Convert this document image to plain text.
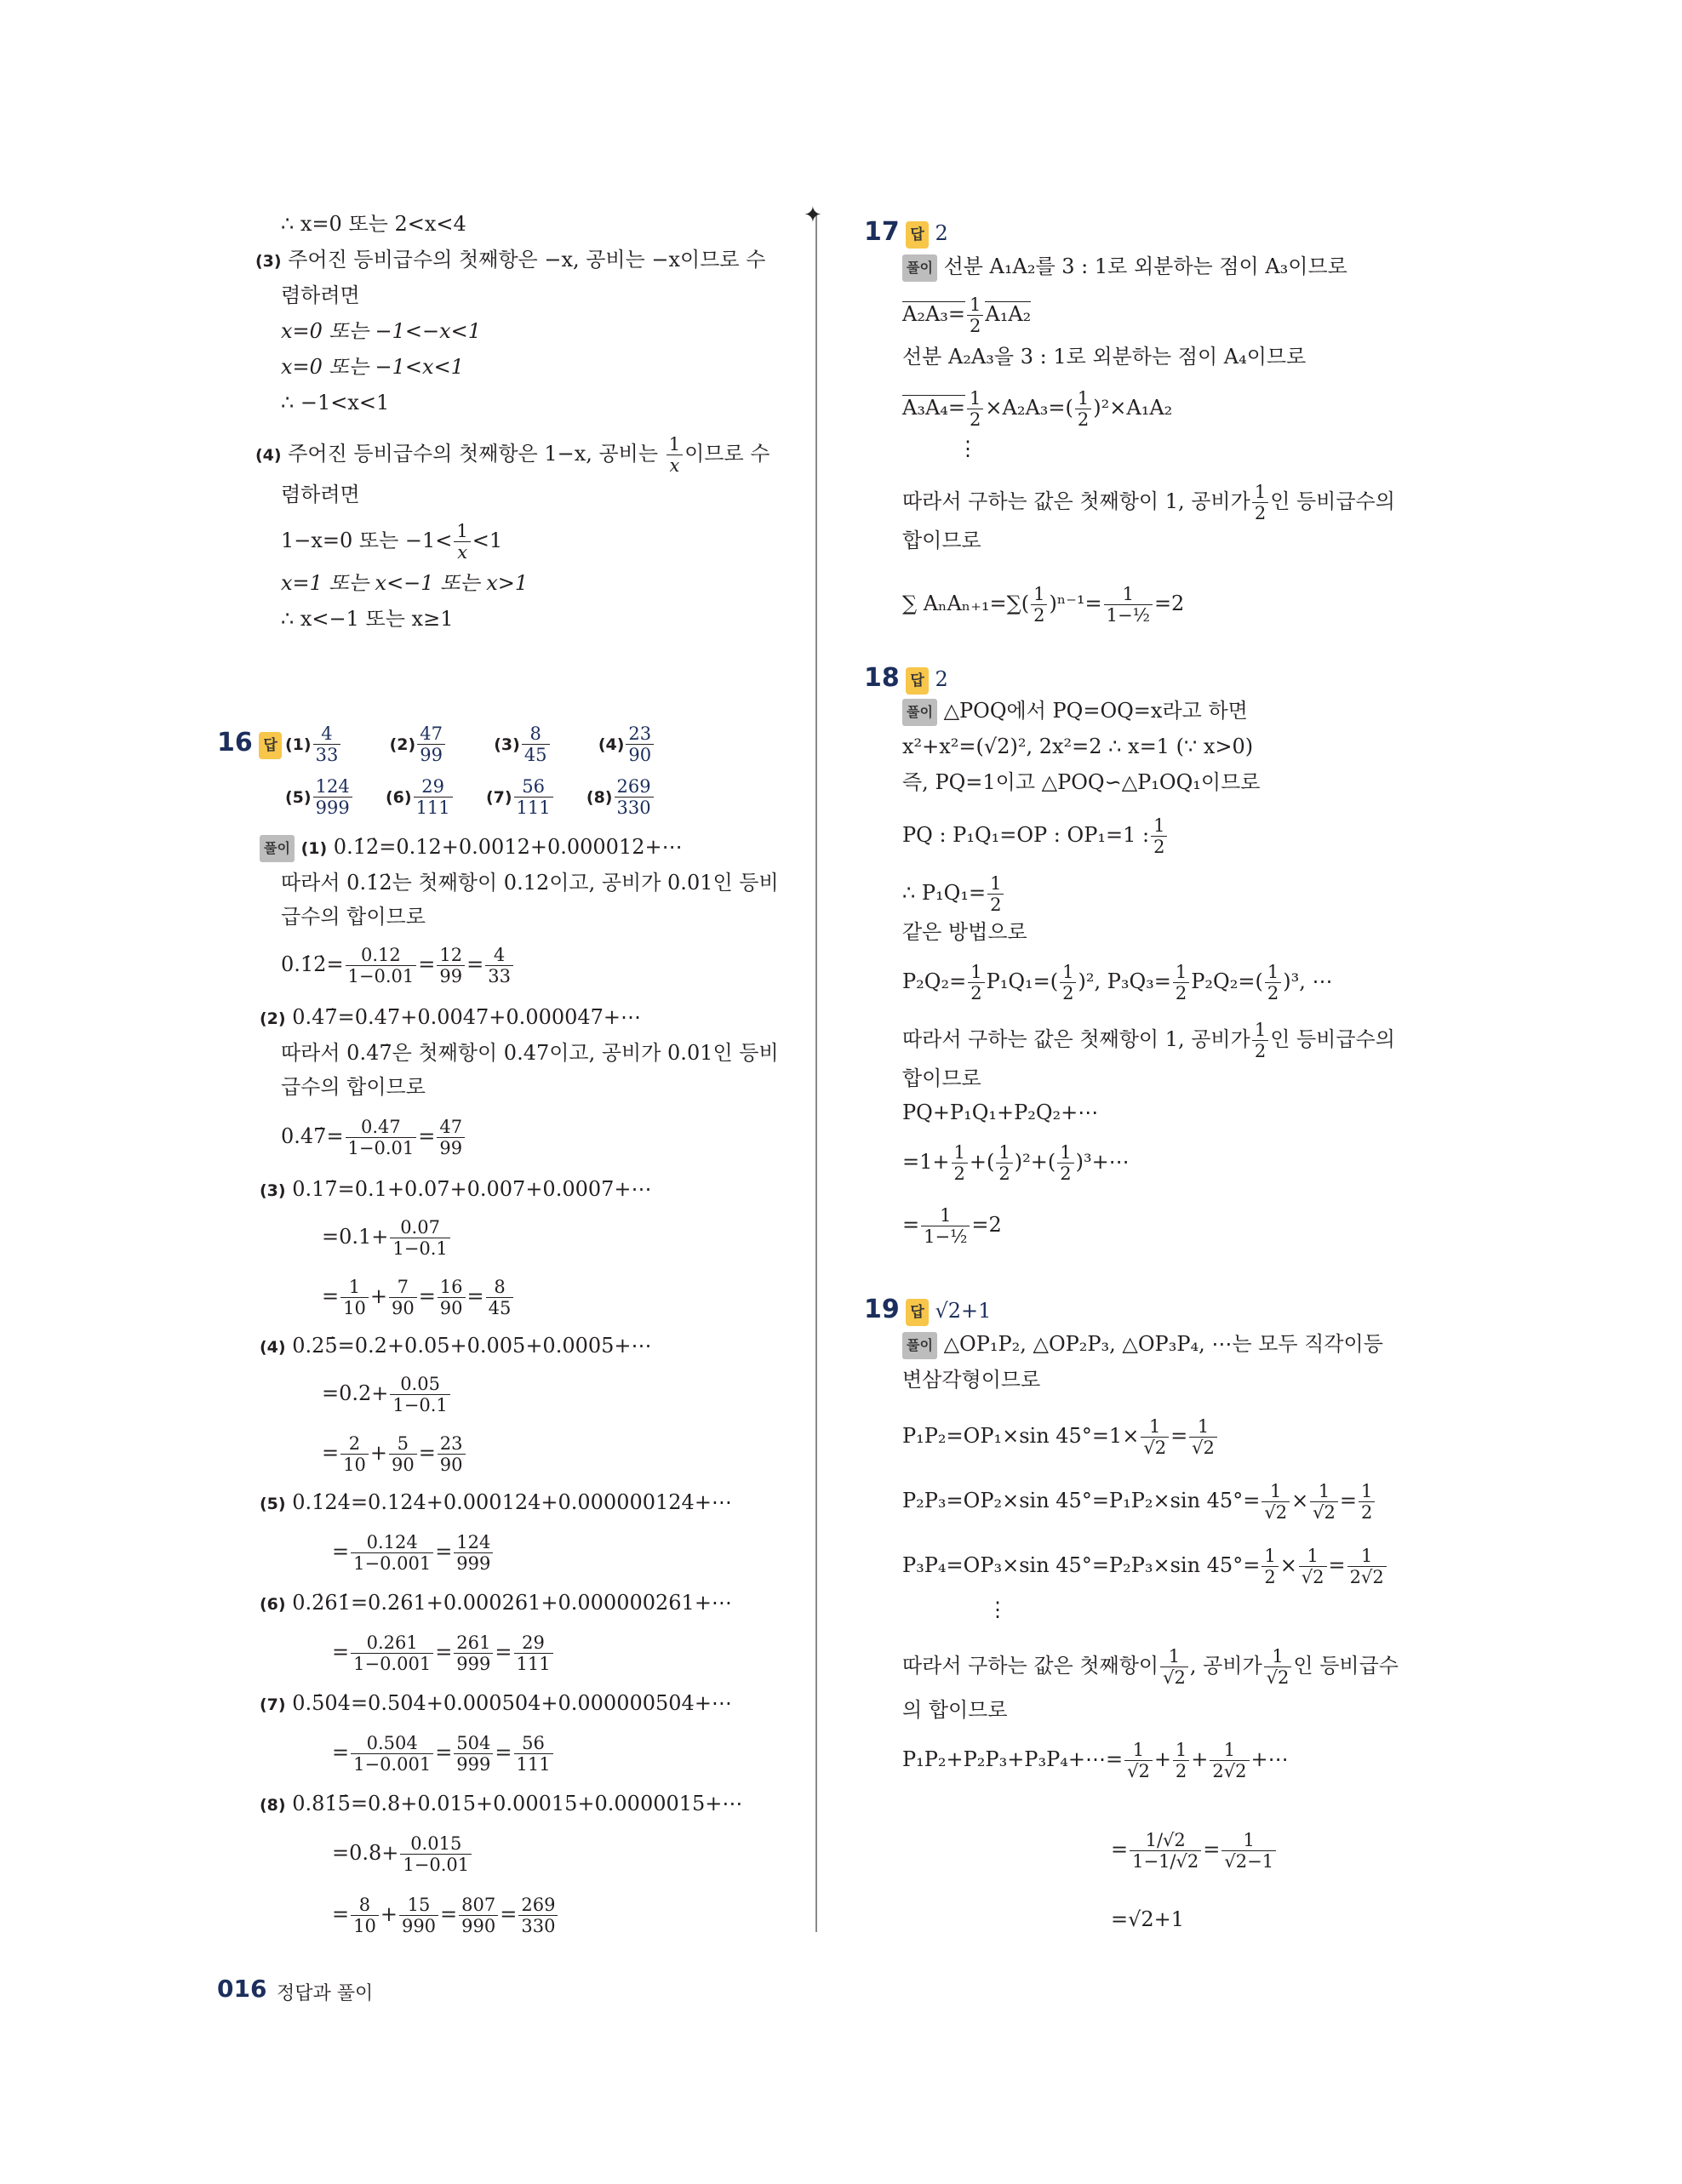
✦
∴ x=0 또는 2<x<4
(3) 주어진 등비급수의 첫째항은 −x, 공비는 −x이므로 수
렴하려면
x=0 또는 −1<−x<1
x=0 또는 −1<x<1
∴ −1<x<1
(4) 주어진 등비급수의 첫째항은 1−x, 공비는 $\frac{1}{x}$ 이므로 수
렴하려면
1−x=0 또는 $-1< \frac{1}{x} <1$
x=1 또는 x<−1 또는 x>1
∴ x<−1 또는 x≥1
16 답 $(1) \frac{4}{33}$	$(2) \frac{47}{99}$	$(3) \frac{8}{45}$	$(4) \frac{23}{90}$
$(5) \frac{124}{999} (6) \frac{29}{111} (7) \frac{56}{111} (8) \frac{269}{330}$
풀이 (1) 0.1̇2̇=0.12+0.0012+0.000012+⋯
따라서 0.1̇2̇는 첫째항이 0.12이고, 공비가 0.01인 등비
급수의 합이므로
0.1̇2̇= $\frac{0.12}{1-0.01} = \frac{12}{99} = \frac{4}{33}$
(2) 0.4̇7̇=0.47+0.0047+0.000047+⋯
따라서 0.4̇7̇은 첫째항이 0.47이고, 공비가 0.01인 등비
급수의 합이므로
0.4̇7̇= $\frac{0.47}{1-0.01} = \frac{47}{99}$
(3) 0.17̇=0.1+0.07+0.007+0.0007+⋯
$=0.1+ \frac{0.07}{1-0.1}$
= $\frac{1}{10} + \frac{7}{90} = \frac{16}{90} = \frac{8}{45}$
(4) 0.25̇=0.2+0.05+0.005+0.0005+⋯
$=0.2+ \frac{0.05}{1-0.1}$
= $\frac{2}{10} + \frac{5}{90} = \frac{23}{90}$
(5) 0.1̇24̇=0.124+0.000124+0.000000124+⋯
= $\frac{0.124}{1-0.001} = \frac{124}{999}$
(6) 0.2̇61̇=0.261+0.000261+0.000000261+⋯
= $\frac{0.261}{1-0.001} = \frac{261}{999} = \frac{29}{111}$
(7) 0.5̇04̇=0.504+0.000504+0.000000504+⋯
= $\frac{0.504}{1-0.001} = \frac{504}{999} = \frac{56}{111}$
(8) 0.81̇5̇=0.8+0.015+0.00015+0.0000015+⋯
$=0.8+ \frac{0.015}{1-0.01}$
= $\frac{8}{10} + \frac{15}{990} = \frac{807}{990} = \frac{269}{330}$
17 답 2
풀이 선분 A₁A₂를 3 : 1로 외분하는 점이 A₃이므로
$A_2A_3= \frac{1}{2} A_1A_2$
선분 A₂A₃을 3 : 1로 외분하는 점이 A₄이므로
$A_3A_4= \frac{1}{2} \times A_2A_3=( \frac{1}{2} )^2\times A_1A_2$
⋮
따라서 구하는 값은 첫째항이 1, 공비가 $\frac{1}{2}$ 인 등비급수의
합이므로
∑ $A_nA_{n+1}=\sum( \frac{1}{2} )^{n-1}= \frac{1}{\text{1−½}} =2$
18 답 2
풀이 △POQ에서 PQ=OQ=x라고 하면
x²+x²=(√2)², 2x²=2 ∴ x=1 (∵ x>0)
즉, PQ=1이고 △POQ∽△P₁OQ₁이므로
PQ : P₁Q₁=OP : OP₁=1 : $\frac{1}{2}$
∴ $P_1Q_1= \frac{1}{2}$
같은 방법으로
$P_2Q_2= \frac{1}{2} P_1Q_1=( \frac{1}{2} )^2$, $P_3Q_3= \frac{1}{2} P_2Q_2=( \frac{1}{2} )^3$, ⋯
따라서 구하는 값은 첫째항이 1, 공비가 $\frac{1}{2}$ 인 등비급수의
합이므로
PQ+P₁Q₁+P₂Q₂+⋯
$=1+ \frac{1}{2}$ +( $\frac{1}{2} )^2+( \frac{1}{2}$ )³+⋯
= $\frac{1}{\text{1−½}} =2$
19 답 √2+1
풀이 △OP₁P₂, △OP₂P₃, △OP₃P₄, ⋯는 모두 직각이등
변삼각형이므로
P₁P₂=OP₁×sin $45^\circ=1\times \frac{1}{√2} = \frac{1}{√2}$
P₂P₃=OP₂×sin 45°=P₁P₂×sin $45^\circ= \frac{1}{√2} \times \frac{1}{√2} = \frac{1}{2}$
P₃P₄=OP₃×sin 45°=P₂P₃×sin $45^\circ= \frac{1}{2} \times \frac{1}{√2} = \frac{1}{2√2}$
⋮
따라서 구하는 값은 첫째항이 $\frac{1}{√2}$ , 공비가 $\frac{1}{√2}$ 인 등비급수
의 합이므로
P₁P₂+P₂P₃+P₃P₄+⋯= $\frac{1}{√2} + \frac{1}{2} + \frac{1}{2√2}$ +⋯
= $\frac{1/√2}{1-1/√2} = \frac{1}{√2-1}$
=√2+1
016 정답과 풀이
